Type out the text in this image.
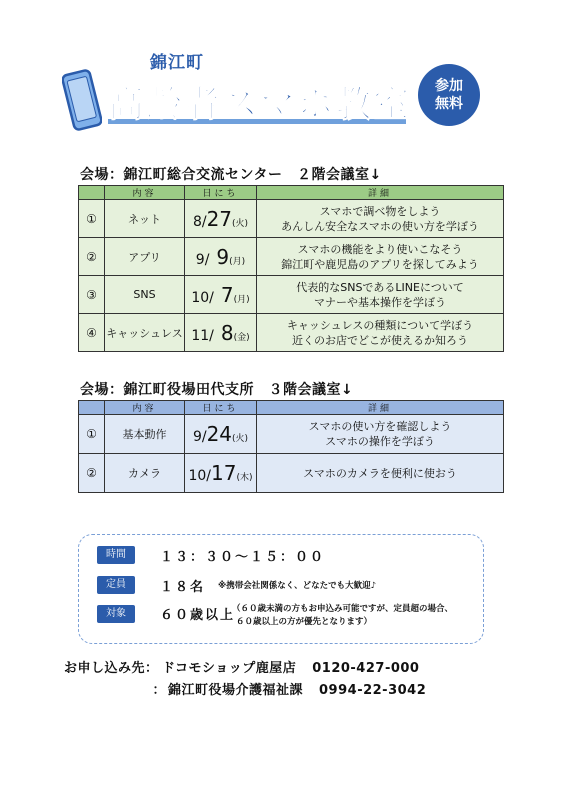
錦江町
高齢者スマホ教室	参加
無料
会場：錦江町総合交流センター　２階会議室↓
	内容	日にち	詳細
①	ネット	8/27(火)	スマホで調べ物をしよう
あんしん安全なスマホの使い方を学ぼう

②	アプリ	9/ 9(月)	スマホの機能をより使いこなそう
錦江町や鹿児島のアプリを探してみよう

③	SNS	10/ 7(月)	代表的なSNSであるLINEについて
マナーや基本操作を学ぼう

④	キャッシュレス	11/ 8(金)	キャッシュレスの種類について学ぼう
近くのお店でどこが使えるか知ろう
会場：錦江町役場田代支所　３階会議室↓
	内容	日にち	詳細
①	基本動作	9/24(火)	スマホの使い方を確認しよう
スマホの操作を学ぼう

②	カメラ	10/17(木)	スマホのカメラを便利に使おう
時間	１３：３０～１５：００
定員	１８名 ※携帯会社関係なく、どなたでも大歓迎♪
対象	６０歳以上
（６０歳未満の方もお申込み可能ですが、定員超の場合、
６０歳以上の方が優先となります）
お申し込み先： ドコモショップ鹿屋店 0120-427-000
： 錦江町役場介護福祉課 0994-22-3042
